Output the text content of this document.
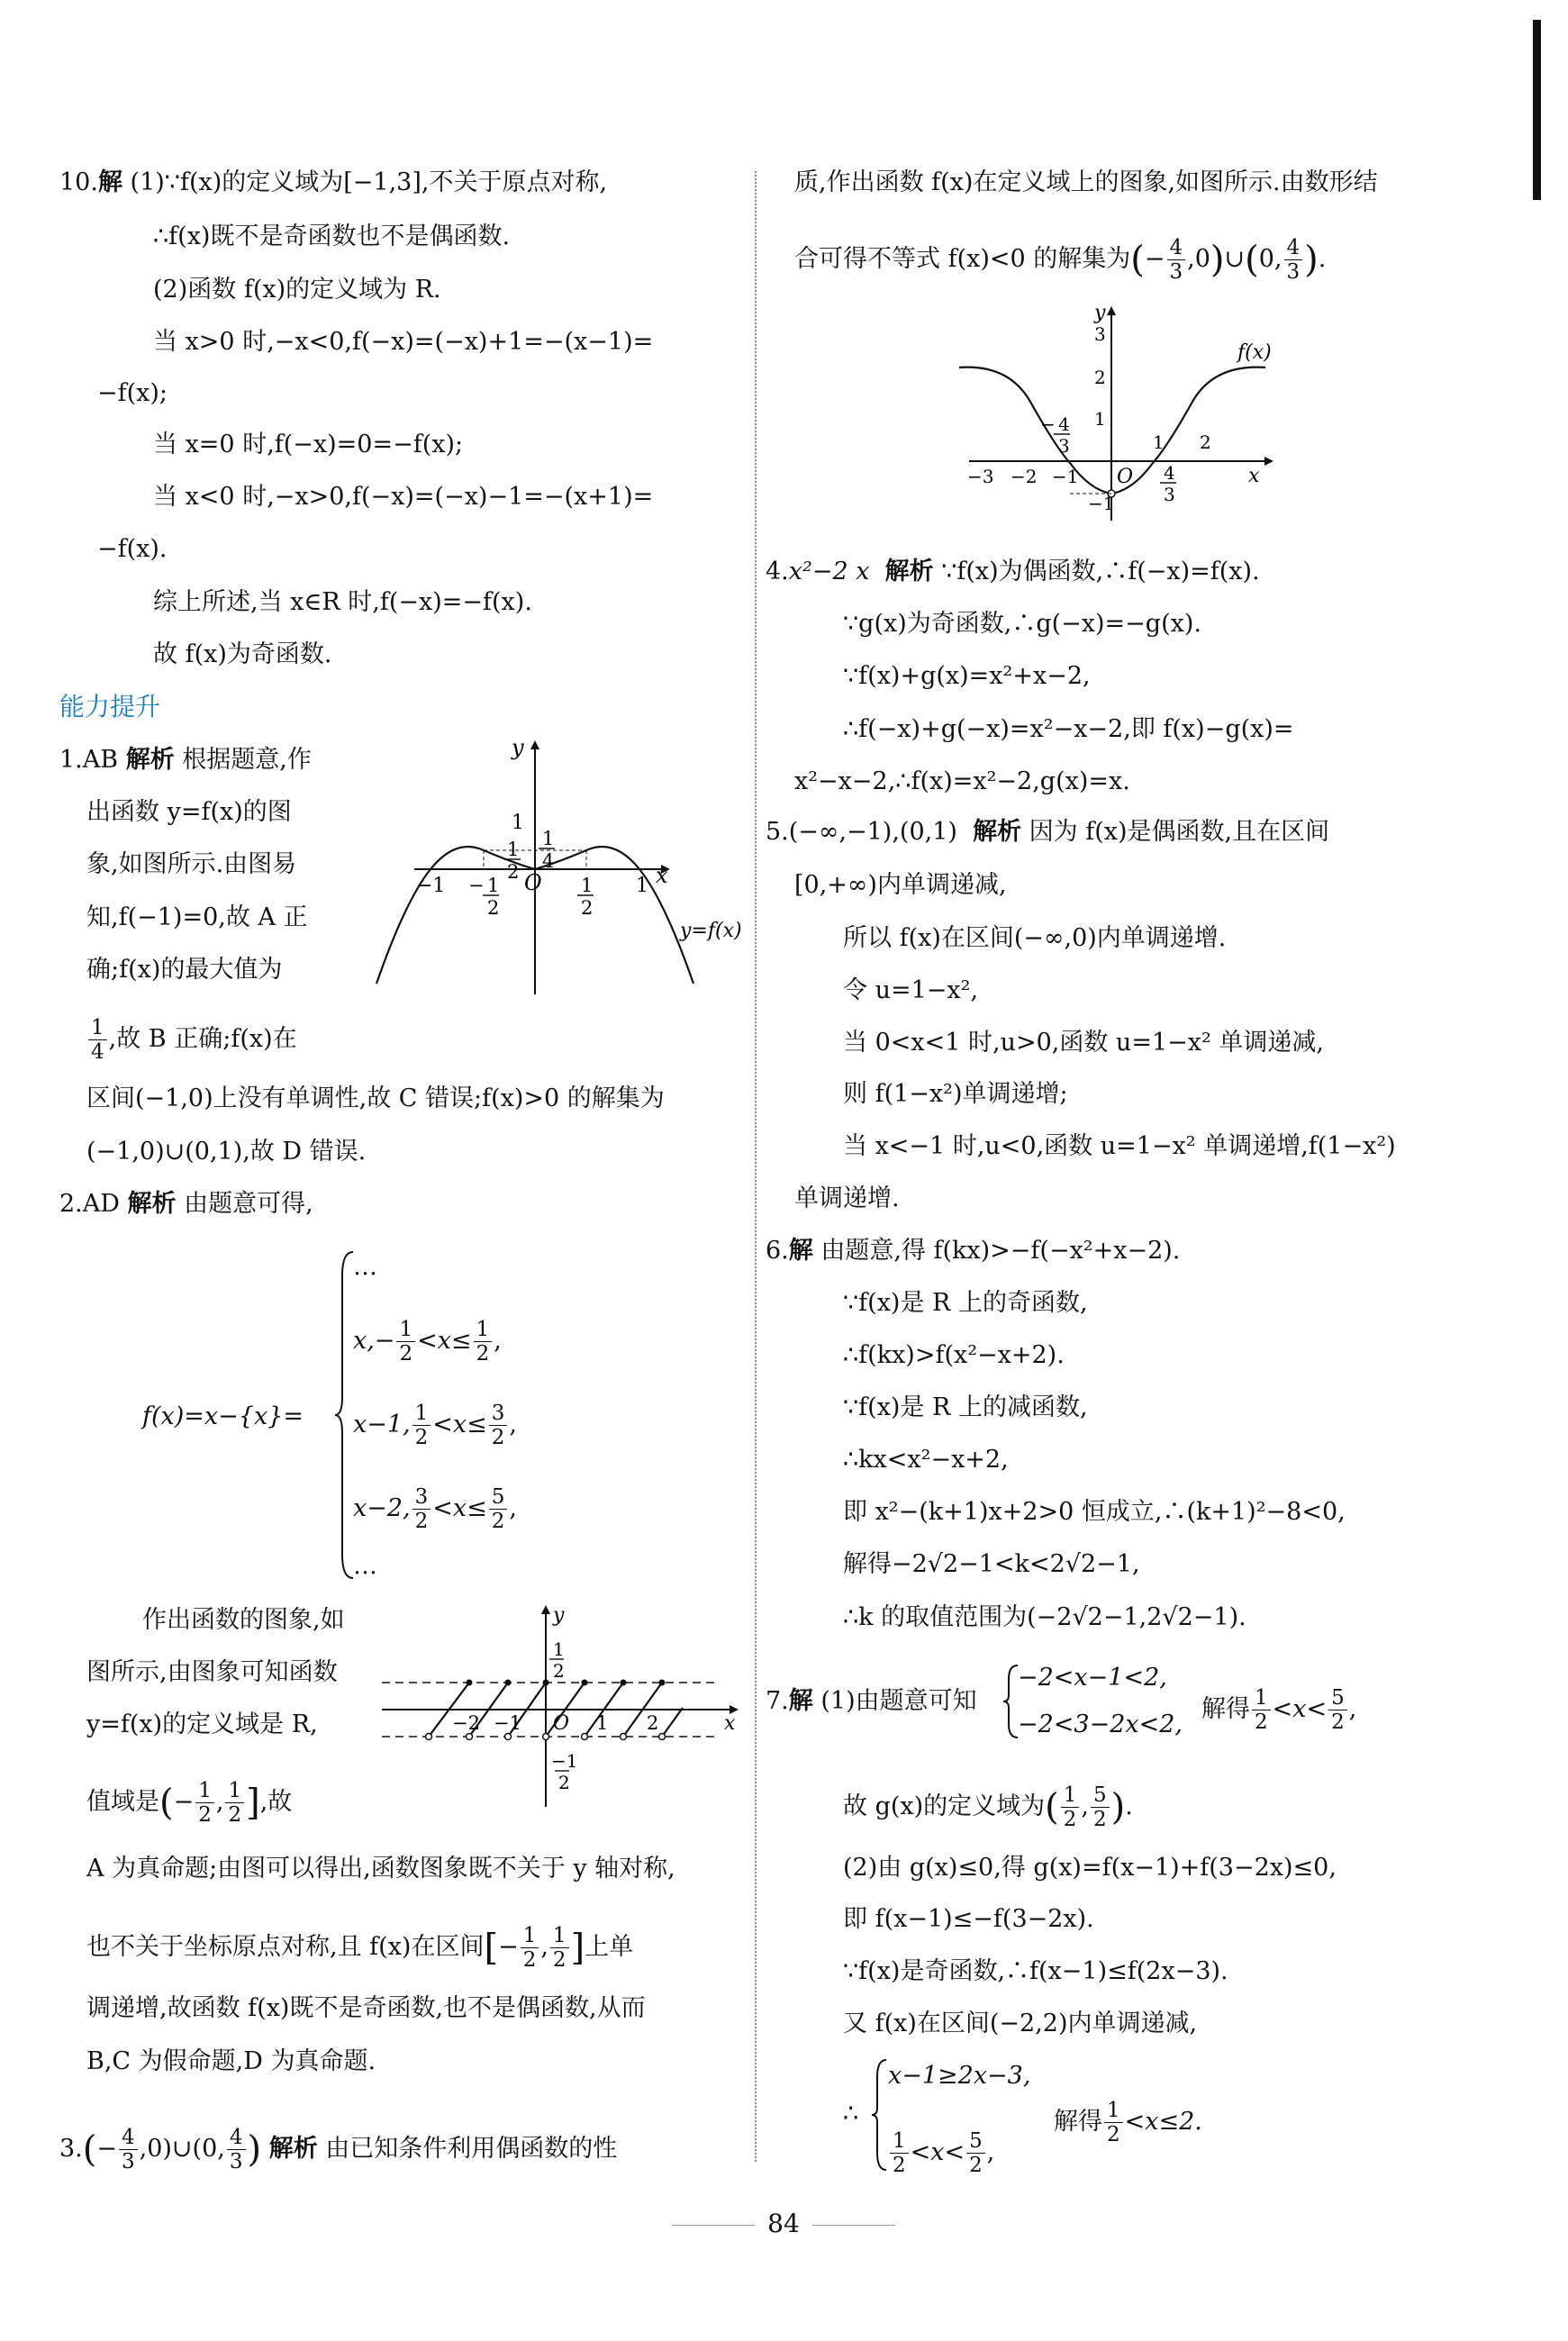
10.解 (1)∵f(x)的定义域为[−1,3],不关于原点对称,
∴f(x)既不是奇函数也不是偶函数.
(2)函数 f(x)的定义域为 R.
当 x>0 时,−x<0,f(−x)=(−x)+1=−(x−1)=
−f(x);
当 x=0 时,f(−x)=0=−f(x);
当 x<0 时,−x>0,f(−x)=(−x)−1=−(x+1)=
−f(x).
综上所述,当 x∈R 时,f(−x)=−f(x).
故 f(x)为奇函数.
能力提升
1.AB 解析 根据题意,作
出函数 y=f(x)的图
象,如图所示.由图易
知,f(−1)=0,故 A 正
确;f(x)的最大值为
$\frac{1}{4}$ ,故 B 正确;f(x)在
区间(−1,0)上没有单调性,故 C 错误;f(x)>0 的解集为
(−1,0)∪(0,1),故 D 错误.
y
x
1
1
2
1
4
O
−1 − 1
2
1
2
1
y=f(x)
2.AD 解析 由题意可得,
f(x)=x−{x}=
…
$x,- \frac{1}{2} <x\le \frac{1}{2}$ ,
x−1, $\frac{1}{2} <x\le \frac{3}{2}$ ,
x−2, $\frac{3}{2} <x\le \frac{5}{2}$ ,
…
作出函数的图象,如
图所示,由图象可知函数
y=f(x)的定义域是 R,
值域是(− $\frac{1}{2}$ , $\frac{1}{2}$ ],故
y
x
1
2
−2 −1 O 1 2
−1
2
A 为真命题;由图可以得出,函数图象既不关于 y 轴对称,
也不关于坐标原点对称,且 f(x)在区间[− $\frac{1}{2}$ , $\frac{1}{2}$ ]上单
调递增,故函数 f(x)既不是奇函数,也不是偶函数,从而
B,C 为假命题,D 为真命题.
$3.(- \frac{4}{3}$ ,0)∪(0, $\frac{4}{3}$ ) 解析 由已知条件利用偶函数的性
质,作出函数 f(x)在定义域上的图象,如图所示.由数形结
合可得不等式 f(x)<0 的解集为(− $\frac{4}{3}$ ,0)∪(0, $\frac{4}{3}$ ).
y
x
3
2
1
−1
O
−3 −2 −1
1 2
− 4
3
4
3
f(x)
4.x²−2 x 解析 ∵f(x)为偶函数,∴f(−x)=f(x).
∵g(x)为奇函数,∴g(−x)=−g(x).
∵f(x)+g(x)=x²+x−2,
∴f(−x)+g(−x)=x²−x−2,即 f(x)−g(x)=
x²−x−2,∴f(x)=x²−2,g(x)=x.
5.(−∞,−1),(0,1) 解析 因为 f(x)是偶函数,且在区间
[0,+∞)内单调递减,
所以 f(x)在区间(−∞,0)内单调递增.
令 u=1−x²,
当 0<x<1 时,u>0,函数 u=1−x² 单调递减,
则 f(1−x²)单调递增;
当 x<−1 时,u<0,函数 u=1−x² 单调递增,f(1−x²)
单调递增.
6.解 由题意,得 f(kx)>−f(−x²+x−2).
∵f(x)是 R 上的奇函数,
∴f(kx)>f(x²−x+2).
∵f(x)是 R 上的减函数,
∴kx<x²−x+2,
即 x²−(k+1)x+2>0 恒成立,∴(k+1)²−8<0,
解得−2√2−1<k<2√2−1,
∴k 的取值范围为(−2√2−1,2√2−1).
7.解 (1)由题意可知
−2<x−1<2,
−2<3−2x<2,
解得 $\frac{1}{2} <x< \frac{5}{2}$ ,
故 g(x)的定义域为( $\frac{1}{2}$ , $\frac{5}{2}$ ).
(2)由 g(x)≤0,得 g(x)=f(x−1)+f(3−2x)≤0,
即 f(x−1)≤−f(3−2x).
∵f(x)是奇函数,∴f(x−1)≤f(2x−3).
又 f(x)在区间(−2,2)内单调递减,
∴
x−1≥2x−3,
$\frac{1}{2} <x< \frac{5}{2}$ ,
解得 $\frac{1}{2} <x\le 2$.
84
